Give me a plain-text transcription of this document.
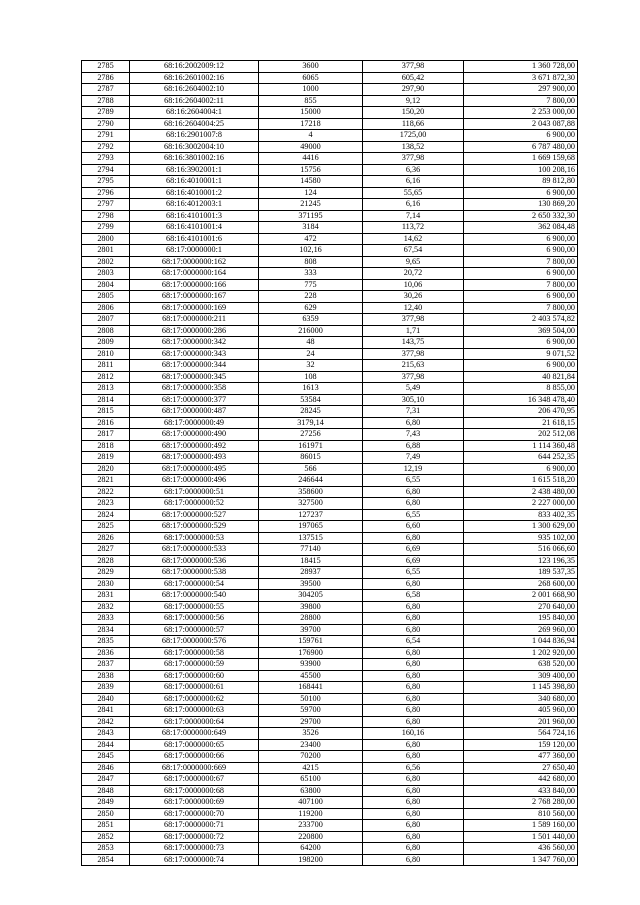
2785	68:16:2002009:12	3600	377,98	1 360 728,00
2786	68:16:2601002:16	6065	605,42	3 671 872,30
2787	68:16:2604002:10	1000	297,90	297 900,00
2788	68:16:2604002:11	855	9,12	7 800,00
2789	68:16:2604004:1	15000	150,20	2 253 000,00
2790	68:16:2604004:25	17218	118,66	2 043 087,88
2791	68:16:2901007:8	4	1725,00	6 900,00
2792	68:16:3002004:10	49000	138,52	6 787 480,00
2793	68:16:3801002:16	4416	377,98	1 669 159,68
2794	68:16:3902001:1	15756	6,36	100 208,16
2795	68:16:4010001:1	14580	6,16	89 812,80
2796	68:16:4010001:2	124	55,65	6 900,00
2797	68:16:4012003:1	21245	6,16	130 869,20
2798	68:16:4101001:3	371195	7,14	2 650 332,30
2799	68:16:4101001:4	3184	113,72	362 084,48
2800	68:16:4101001:6	472	14,62	6 900,00
2801	68:17:0000000:1	102,16	67,54	6 900,00
2802	68:17:0000000:162	808	9,65	7 800,00
2803	68:17:0000000:164	333	20,72	6 900,00
2804	68:17:0000000:166	775	10,06	7 800,00
2805	68:17:0000000:167	228	30,26	6 900,00
2806	68:17:0000000:169	629	12,40	7 800,00
2807	68:17:0000000:211	6359	377,98	2 403 574,82
2808	68:17:0000000:286	216000	1,71	369 504,00
2809	68:17:0000000:342	48	143,75	6 900,00
2810	68:17:0000000:343	24	377,98	9 071,52
2811	68:17:0000000:344	32	215,63	6 900,00
2812	68:17:0000000:345	108	377,98	40 821,84
2813	68:17:0000000:358	1613	5,49	8 855,00
2814	68:17:0000000:377	53584	305,10	16 348 478,40
2815	68:17:0000000:487	28245	7,31	206 470,95
2816	68:17:0000000:49	3179,14	6,80	21 618,15
2817	68:17:0000000:490	27256	7,43	202 512,08
2818	68:17:0000000:492	161971	6,88	1 114 360,48
2819	68:17:0000000:493	86015	7,49	644 252,35
2820	68:17:0000000:495	566	12,19	6 900,00
2821	68:17:0000000:496	246644	6,55	1 615 518,20
2822	68:17:0000000:51	358600	6,80	2 438 480,00
2823	68:17:0000000:52	327500	6,80	2 227 000,00
2824	68:17:0000000:527	127237	6,55	833 402,35
2825	68:17:0000000:529	197065	6,60	1 300 629,00
2826	68:17:0000000:53	137515	6,80	935 102,00
2827	68:17:0000000:533	77140	6,69	516 066,60
2828	68:17:0000000:536	18415	6,69	123 196,35
2829	68:17:0000000:538	28937	6,55	189 537,35
2830	68:17:0000000:54	39500	6,80	268 600,00
2831	68:17:0000000:540	304205	6,58	2 001 668,90
2832	68:17:0000000:55	39800	6,80	270 640,00
2833	68:17:0000000:56	28800	6,80	195 840,00
2834	68:17:0000000:57	39700	6,80	269 960,00
2835	68:17:0000000:576	159761	6,54	1 044 836,94
2836	68:17:0000000:58	176900	6,80	1 202 920,00
2837	68:17:0000000:59	93900	6,80	638 520,00
2838	68:17:0000000:60	45500	6,80	309 400,00
2839	68:17:0000000:61	168441	6,80	1 145 398,80
2840	68:17:0000000:62	50100	6,80	340 680,00
2841	68:17:0000000:63	59700	6,80	405 960,00
2842	68:17:0000000:64	29700	6,80	201 960,00
2843	68:17:0000000:649	3526	160,16	564 724,16
2844	68:17:0000000:65	23400	6,80	159 120,00
2845	68:17:0000000:66	70200	6,80	477 360,00
2846	68:17:0000000:669	4215	6,56	27 650,40
2847	68:17:0000000:67	65100	6,80	442 680,00
2848	68:17:0000000:68	63800	6,80	433 840,00
2849	68:17:0000000:69	407100	6,80	2 768 280,00
2850	68:17:0000000:70	119200	6,80	810 560,00
2851	68:17:0000000:71	233700	6,80	1 589 160,00
2852	68:17:0000000:72	220800	6,80	1 501 440,00
2853	68:17:0000000:73	64200	6,80	436 560,00
2854	68:17:0000000:74	198200	6,80	1 347 760,00
